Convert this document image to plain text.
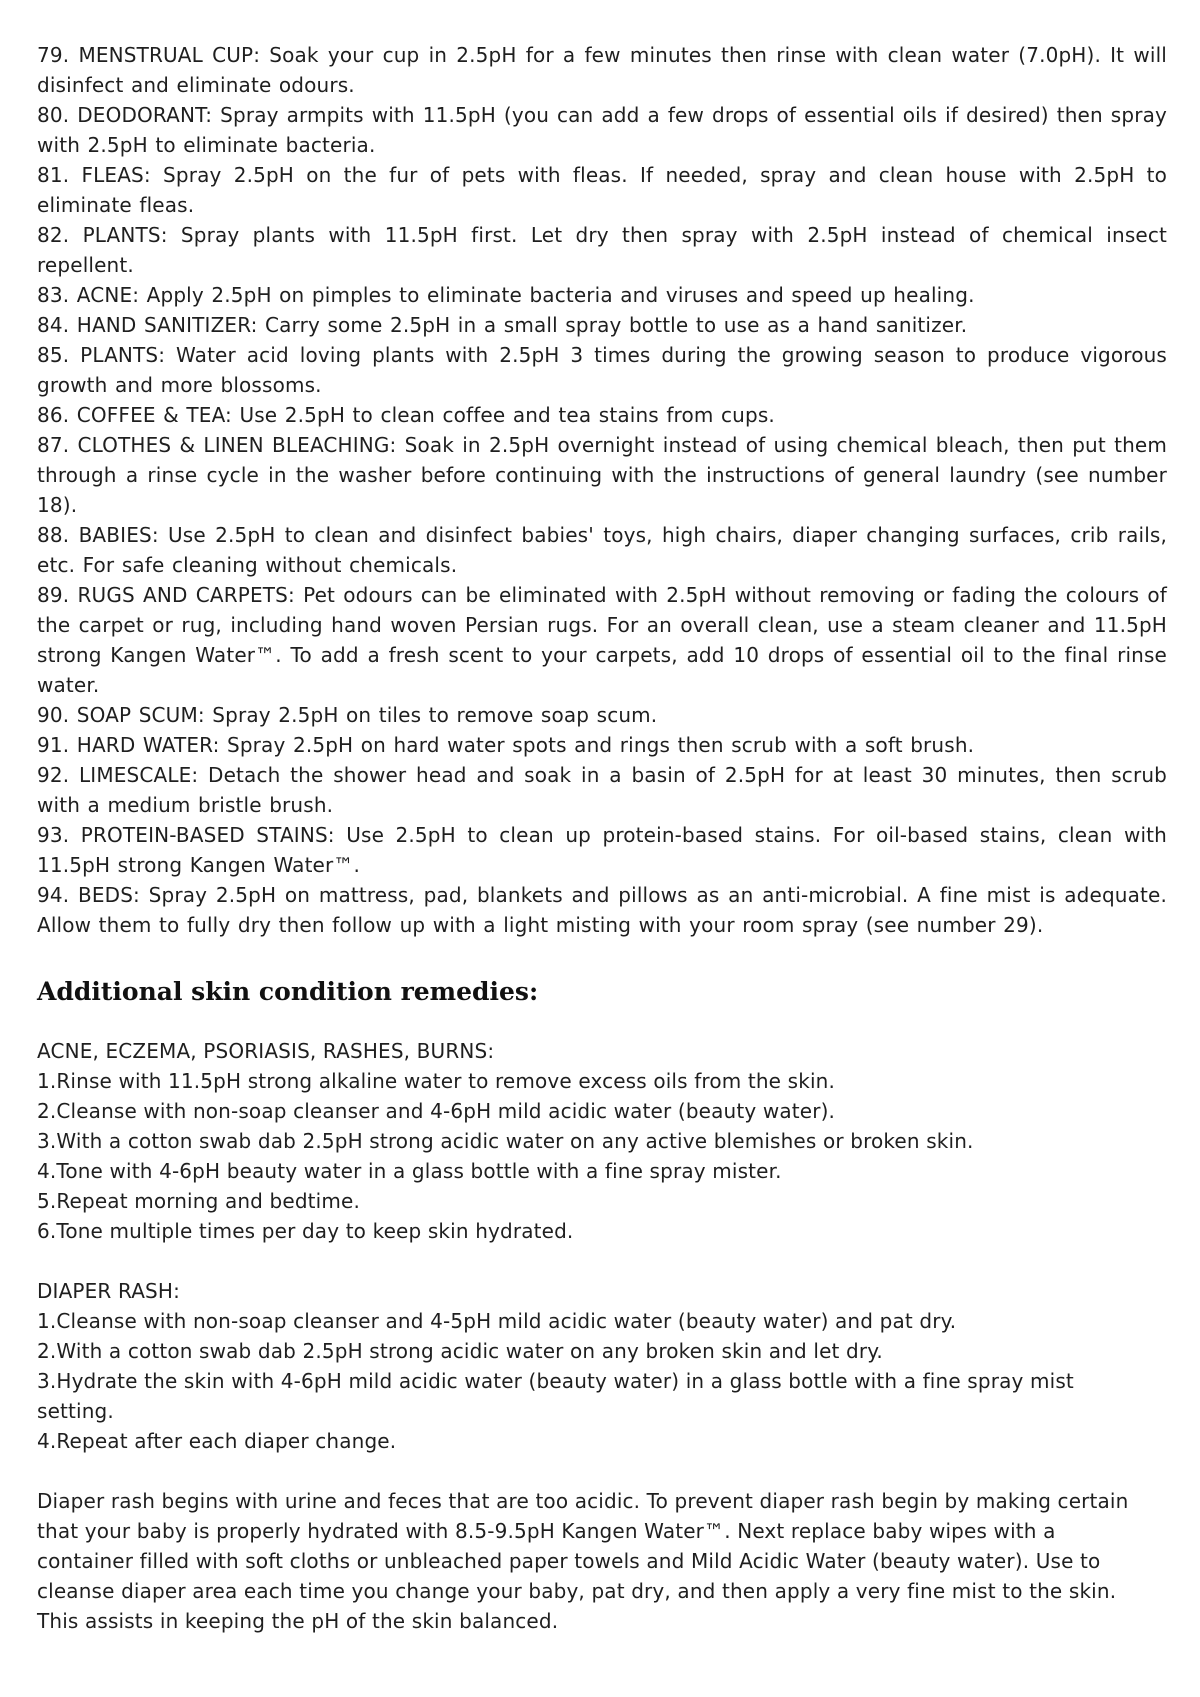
79. MENSTRUAL CUP: Soak your cup in 2.5pH for a few minutes then rinse with clean water (7.0pH). It will disinfect and eliminate odours.
80. DEODORANT: Spray armpits with 11.5pH (you can add a few drops of essential oils if desired) then spray with 2.5pH to eliminate bacteria.
81. FLEAS: Spray 2.5pH on the fur of pets with fleas. If needed, spray and clean house with 2.5pH to eliminate fleas.
82. PLANTS: Spray plants with 11.5pH first. Let dry then spray with 2.5pH instead of chemical insect repellent.
83. ACNE: Apply 2.5pH on pimples to eliminate bacteria and viruses and speed up healing.
84. HAND SANITIZER: Carry some 2.5pH in a small spray bottle to use as a hand sanitizer.
85. PLANTS: Water acid loving plants with 2.5pH 3 times during the growing season to produce vigorous growth and more blossoms.
86. COFFEE & TEA: Use 2.5pH to clean coffee and tea stains from cups.
87. CLOTHES & LINEN BLEACHING: Soak in 2.5pH overnight instead of using chemical bleach, then put them through a rinse cycle in the washer before continuing with the instructions of general laundry (see number 18).
88. BABIES: Use 2.5pH to clean and disinfect babies' toys, high chairs, diaper changing surfaces, crib rails, etc. For safe cleaning without chemicals.
89. RUGS AND CARPETS: Pet odours can be eliminated with 2.5pH without removing or fading the colours of the carpet or rug, including hand woven Persian rugs. For an overall clean, use a steam cleaner and 11.5pH strong Kangen Water™. To add a fresh scent to your carpets, add 10 drops of essential oil to the final rinse water.
90. SOAP SCUM: Spray 2.5pH on tiles to remove soap scum.
91. HARD WATER: Spray 2.5pH on hard water spots and rings then scrub with a soft brush.
92. LIMESCALE: Detach the shower head and soak in a basin of 2.5pH for at least 30 minutes, then scrub with a medium bristle brush.
93. PROTEIN-BASED STAINS: Use 2.5pH to clean up protein-based stains. For oil-based stains, clean with 11.5pH strong Kangen Water™.
94. BEDS: Spray 2.5pH on mattress, pad, blankets and pillows as an anti-microbial. A fine mist is adequate. Allow them to fully dry then follow up with a light misting with your room spray (see number 29).
Additional skin condition remedies:
ACNE, ECZEMA, PSORIASIS, RASHES, BURNS:
1.Rinse with 11.5pH strong alkaline water to remove excess oils from the skin.
2.Cleanse with non-soap cleanser and 4-6pH mild acidic water (beauty water).
3.With a cotton swab dab 2.5pH strong acidic water on any active blemishes or broken skin.
4.Tone with 4-6pH beauty water in a glass bottle with a fine spray mister.
5.Repeat morning and bedtime.
6.Tone multiple times per day to keep skin hydrated.
DIAPER RASH:
1.Cleanse with non-soap cleanser and 4-5pH mild acidic water (beauty water) and pat dry.
2.With a cotton swab dab 2.5pH strong acidic water on any broken skin and let dry.
3.Hydrate the skin with 4-6pH mild acidic water (beauty water) in a glass bottle with a fine spray mist setting.
4.Repeat after each diaper change.

Diaper rash begins with urine and feces that are too acidic. To prevent diaper rash begin by making certain that your baby is properly hydrated with 8.5-9.5pH Kangen Water™. Next replace baby wipes with a container filled with soft cloths or unbleached paper towels and Mild Acidic Water (beauty water). Use to cleanse diaper area each time you change your baby, pat dry, and then apply a very fine mist to the skin. This assists in keeping the pH of the skin balanced.
